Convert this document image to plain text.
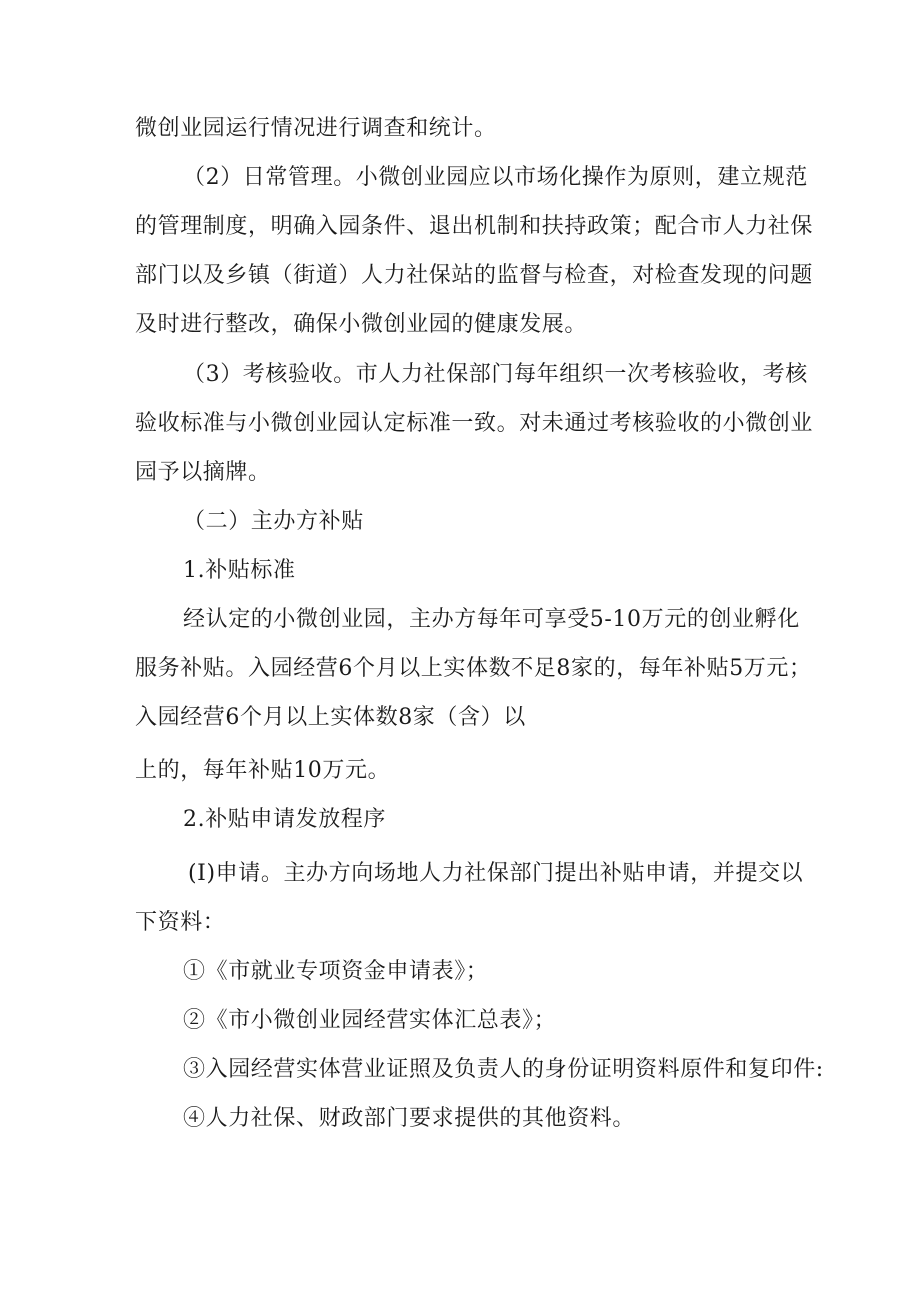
微创业园运行情况进行调查和统计。
（2）日常管理。小微创业园应以市场化操作为原则，建立规范
的管理制度，明确入园条件、退出机制和扶持政策；配合市人力社保
部门以及乡镇（街道）人力社保站的监督与检查，对检查发现的问题
及时进行整改，确保小微创业园的健康发展。
（3）考核验收。市人力社保部门每年组织一次考核验收，考核
验收标准与小微创业园认定标准一致。对未通过考核验收的小微创业
园予以摘牌。
（二）主办方补贴
1.补贴标准
经认定的小微创业园，主办方每年可享受5-10万元的创业孵化
服务补贴。入园经营6个月以上实体数不足8家的，每年补贴5万元；
入园经营6个月以上实体数8家（含）以
上的，每年补贴10万元。
2.补贴申请发放程序
(I)申请。主办方向场地人力社保部门提出补贴申请，并提交以
下资料：
①《市就业专项资金申请表》；
②《市小微创业园经营实体汇总表》；
③入园经营实体营业证照及负责人的身份证明资料原件和复印件:
④人力社保、财政部门要求提供的其他资料。
